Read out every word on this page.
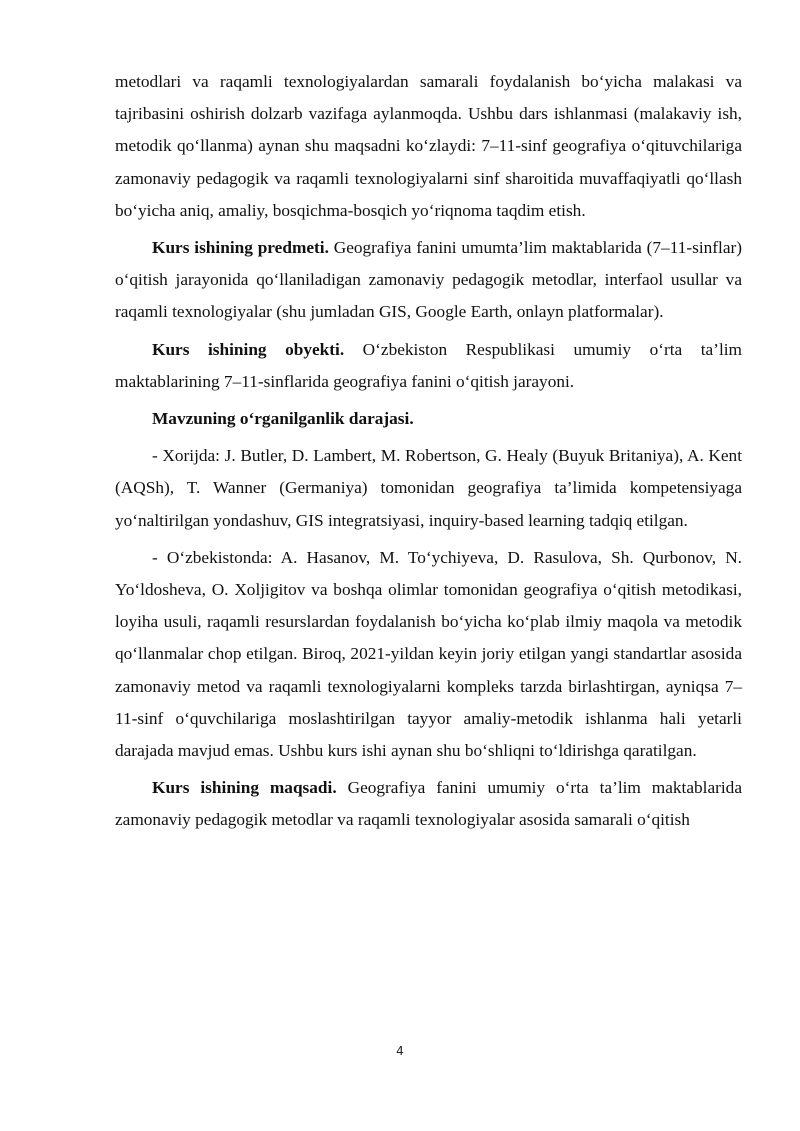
metodlari va raqamli texnologiyalardan samarali foydalanish boʻyicha malakasi va tajribasini oshirish dolzarb vazifaga aylanmoqda. Ushbu dars ishlanmasi (malakaviy ish, metodik qoʻllanma) aynan shu maqsadni koʻzlaydi: 7–11-sinf geografiya oʻqituvchilariga zamonaviy pedagogik va raqamli texnologiyalarni sinf sharoitida muvaffaqiyatli qoʻllash boʻyicha aniq, amaliy, bosqichma-bosqich yoʻriqnoma taqdim etish.

Kurs ishining predmeti. Geografiya fanini umumta’lim maktablarida (7–11-sinflar) oʻqitish jarayonida qoʻllaniladigan zamonaviy pedagogik metodlar, interfaol usullar va raqamli texnologiyalar (shu jumladan GIS, Google Earth, onlayn platformalar).

Kurs ishining obyekti. Oʻzbekiston Respublikasi umumiy oʻrta ta’lim maktablarining 7–11-sinflarida geografiya fanini oʻqitish jarayoni.

Mavzuning oʻrganilganlik darajasi.

- Xorijda: J. Butler, D. Lambert, M. Robertson, G. Healy (Buyuk Britaniya), A. Kent (AQSh), T. Wanner (Germaniya) tomonidan geografiya ta’limida kompetensiyaga yoʻnaltirilgan yondashuv, GIS integratsiyasi, inquiry-based learning tadqiq etilgan.

- Oʻzbekistonda: A. Hasanov, M. Toʻychiyeva, D. Rasulova, Sh. Qurbonov, N. Yoʻldosheva, O. Xoljigitov va boshqa olimlar tomonidan geografiya oʻqitish metodikasi, loyiha usuli, raqamli resurslardan foydalanish boʻyicha koʻplab ilmiy maqola va metodik qoʻllanmalar chop etilgan. Biroq, 2021-yildan keyin joriy etilgan yangi standartlar asosida zamonaviy metod va raqamli texnologiyalarni kompleks tarzda birlashtirgan, ayniqsa 7–11-sinf oʻquvchilariga moslashtirilgan tayyor amaliy-metodik ishlanma hali yetarli darajada mavjud emas. Ushbu kurs ishi aynan shu boʻshliqni toʻldirishga qaratilgan.

Kurs ishining maqsadi. Geografiya fanini umumiy oʻrta ta’lim maktablarida zamonaviy pedagogik metodlar va raqamli texnologiyalar asosida samarali oʻqitish

4
